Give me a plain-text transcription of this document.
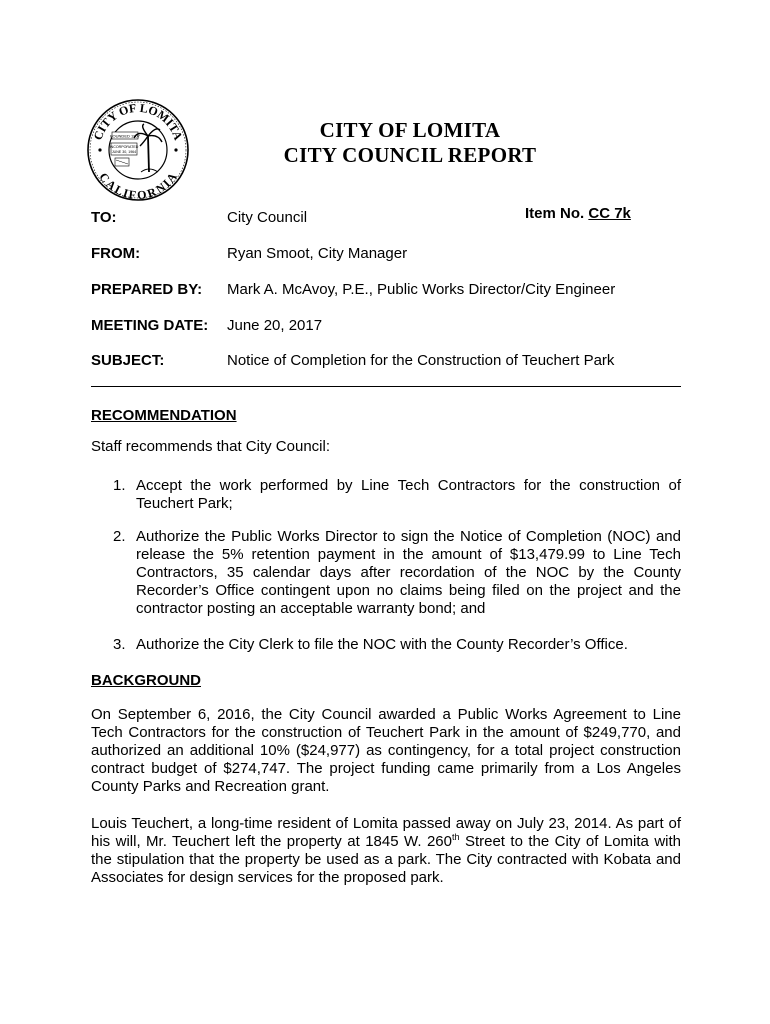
CITY OF LOMITA
CALIFORNIA
FOUNDED 1907
INCORPORATED
JUNE 30, 1964
CITY OF LOMITA
CITY COUNCIL REPORT
TO:	City Council	Item No. CC 7k
FROM:	Ryan Smoot, City Manager
PREPARED BY: Mark A. McAvoy, P.E., Public Works Director/City Engineer
MEETING DATE: June 20, 2017
SUBJECT:	Notice of Completion for the Construction of Teuchert Park
RECOMMENDATION
Staff recommends that City Council:
1. Accept the work performed by Line Tech Contractors for the construction of Teuchert Park;
2. Authorize the Public Works Director to sign the Notice of Completion (NOC) and release the 5% retention payment in the amount of $13,479.99 to Line Tech Contractors, 35 calendar days after recordation of the NOC by the County Recorder’s Office contingent upon no claims being filed on the project and the contractor posting an acceptable warranty bond; and
3. Authorize the City Clerk to file the NOC with the County Recorder’s Office.
BACKGROUND
On September 6, 2016, the City Council awarded a Public Works Agreement to Line Tech Contractors for the construction of Teuchert Park in the amount of $249,770, and authorized an additional 10% ($24,977) as contingency, for a total project construction contract budget of $274,747. The project funding came primarily from a Los Angeles County Parks and Recreation grant.
Louis Teuchert, a long-time resident of Lomita passed away on July 23, 2014. As part of his will, Mr. Teuchert left the property at 1845 W. 260th Street to the City of Lomita with the stipulation that the property be used as a park. The City contracted with Kobata and Associates for design services for the proposed park.
